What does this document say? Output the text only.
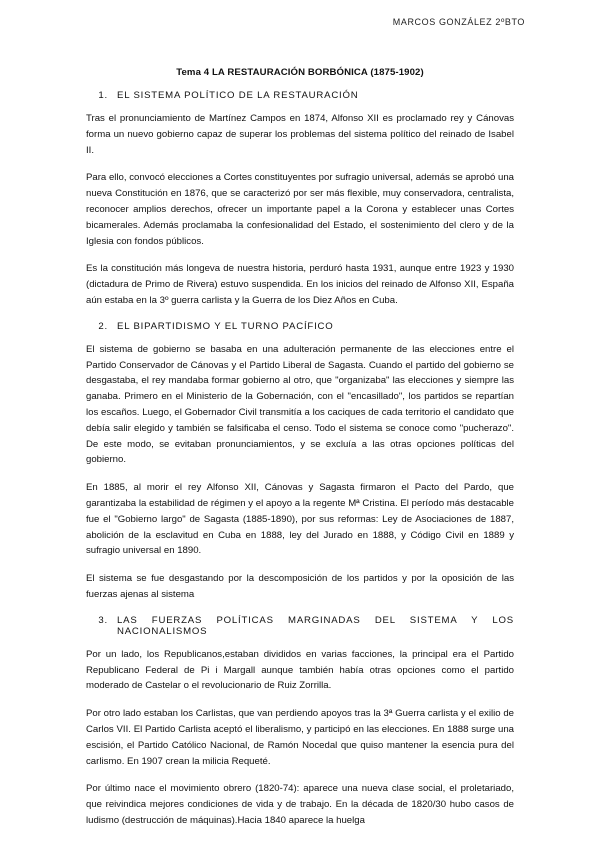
MARCOS GONZÁLEZ 2ºBTO
Tema 4 LA RESTAURACIÓN BORBÓNICA (1875-1902)
1. EL SISTEMA POLÍTICO DE LA RESTAURACIÓN

Tras el pronunciamiento de Martínez Campos en 1874, Alfonso XII es proclamado rey y Cánovas forma un nuevo gobierno capaz de superar los problemas del sistema político del reinado de Isabel II.

Para ello, convocó elecciones a Cortes constituyentes por sufragio universal, además se aprobó una nueva Constitución en 1876, que se caracterizó por ser más flexible, muy conservadora, centralista, reconocer amplios derechos, ofrecer un importante papel a la Corona y establecer unas Cortes bicamerales. Además proclamaba la confesionalidad del Estado, el sostenimiento del clero y de la Iglesia con fondos públicos.

Es la constitución más longeva de nuestra historia, perduró hasta 1931, aunque entre 1923 y 1930 (dictadura de Primo de Rivera) estuvo suspendida. En los inicios del reinado de Alfonso XII, España aún estaba en la 3º guerra carlista y la Guerra de los Diez Años en Cuba.

2. EL BIPARTIDISMO Y EL TURNO PACÍFICO

El sistema de gobierno se basaba en una adulteración permanente de las elecciones entre el Partido Conservador de Cánovas y el Partido Liberal de Sagasta. Cuando el partido del gobierno se desgastaba, el rey mandaba formar gobierno al otro, que "organizaba" las elecciones y siempre las ganaba. Primero en el Ministerio de la Gobernación, con el "encasillado", los partidos se repartían los escaños. Luego, el Gobernador Civil transmitía a los caciques de cada territorio el candidato que debía salir elegido y también se falsificaba el censo. Todo el sistema se conoce como "pucherazo". De este modo, se evitaban pronunciamientos, y se excluía a las otras opciones políticas del gobierno.

En 1885, al morir el rey Alfonso XII, Cánovas y Sagasta firmaron el Pacto del Pardo, que garantizaba la estabilidad de régimen y el apoyo a la regente Mª Cristina. El período más destacable fue el "Gobierno largo" de Sagasta (1885-1890), por sus reformas: Ley de Asociaciones de 1887, abolición de la esclavitud en Cuba en 1888, ley del Jurado en 1888, y Código Civil en 1889 y sufragio universal en 1890.

El sistema se fue desgastando por la descomposición de los partidos y por la oposición de las fuerzas ajenas al sistema

3. LAS FUERZAS POLÍTICAS MARGINADAS DEL SISTEMA Y LOS NACIONALISMOS

Por un lado, los Republicanos,estaban divididos en varias facciones, la principal era el Partido Republicano Federal de Pi i Margall aunque también había otras opciones como el partido moderado de Castelar o el revolucionario de Ruiz Zorrilla.

Por otro lado estaban los Carlistas, que van perdiendo apoyos tras la 3ª Guerra carlista y el exilio de Carlos VII. El Partido Carlista aceptó el liberalismo, y participó en las elecciones. En 1888 surge una escisión, el Partido Católico Nacional, de Ramón Nocedal que quiso mantener la esencia pura del carlismo. En 1907 crean la milicia Requeté.

Por último nace el movimiento obrero (1820-74): aparece una nueva clase social, el proletariado, que reivindica mejores condiciones de vida y de trabajo. En la década de 1820/30 hubo casos de ludismo (destrucción de máquinas).Hacia 1840 aparece la huelga
